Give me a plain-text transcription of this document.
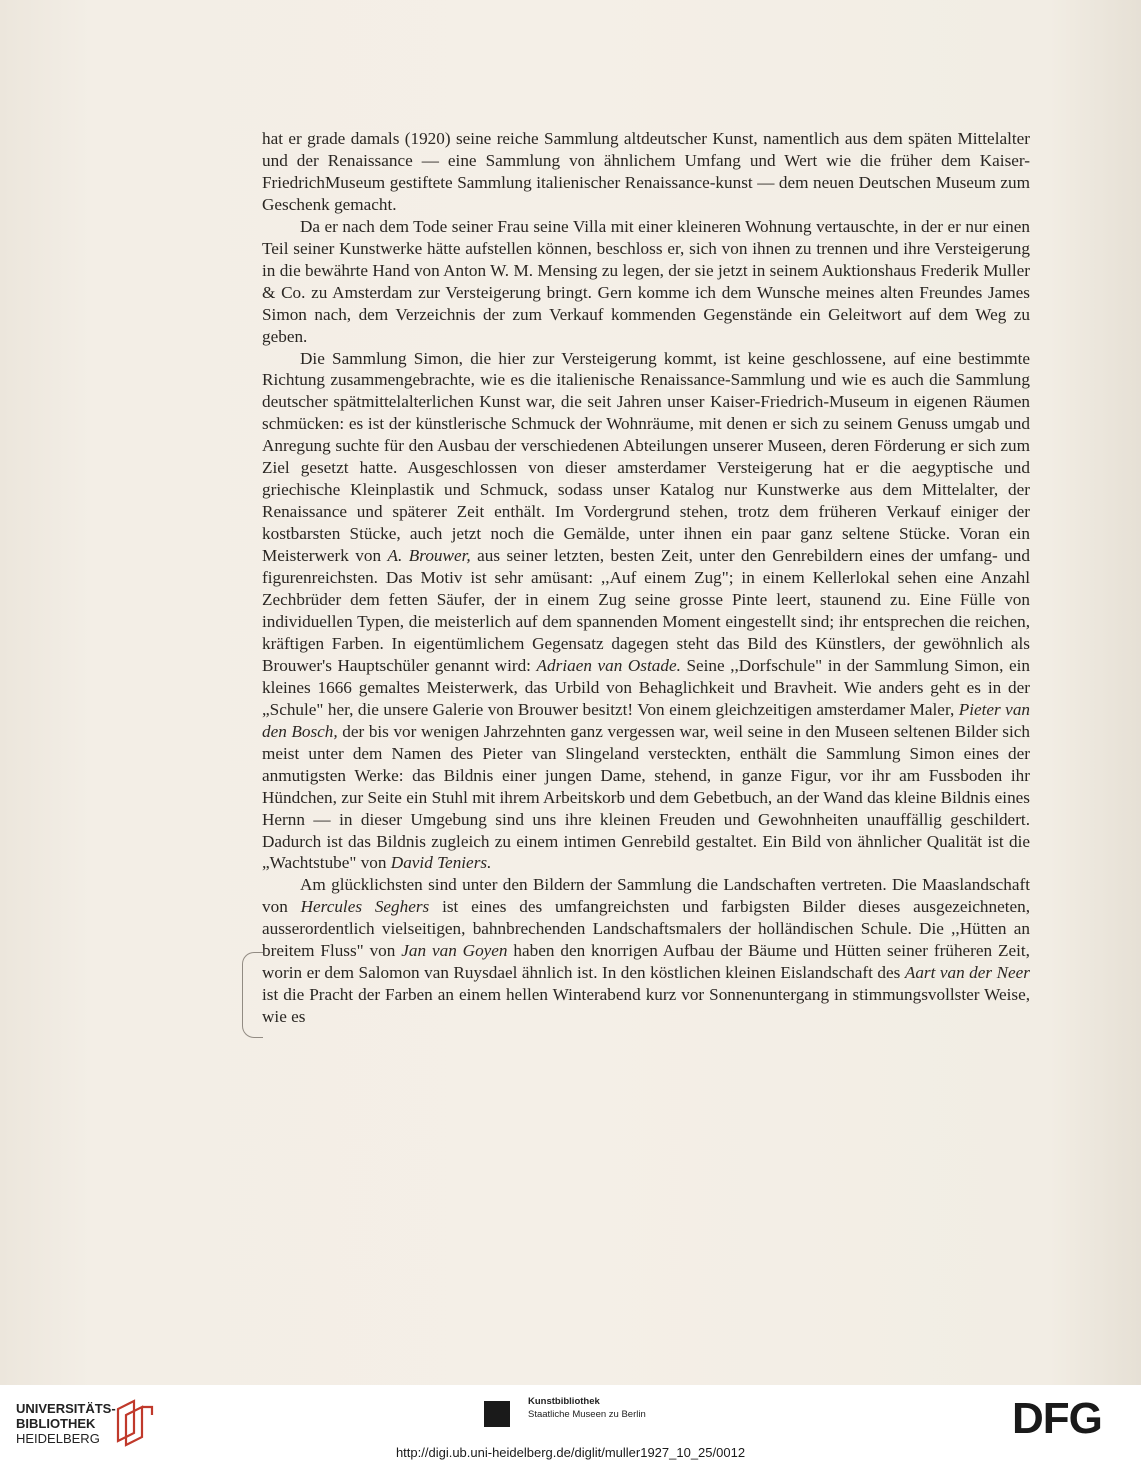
hat er grade damals (1920) seine reiche Sammlung altdeutscher Kunst, namentlich aus dem späten Mittelalter und der Renaissance — eine Sammlung von ähnlichem Umfang und Wert wie die früher dem Kaiser-FriedrichMuseum gestiftete Sammlung italienischer Renaissance-kunst — dem neuen Deutschen Museum zum Geschenk gemacht.

Da er nach dem Tode seiner Frau seine Villa mit einer kleineren Wohnung vertauschte, in der er nur einen Teil seiner Kunstwerke hätte aufstellen können, beschloss er, sich von ihnen zu trennen und ihre Versteigerung in die bewährte Hand von Anton W. M. Mensing zu legen, der sie jetzt in seinem Auktionshaus Frederik Muller & Co. zu Amsterdam zur Versteigerung bringt. Gern komme ich dem Wunsche meines alten Freundes James Simon nach, dem Verzeichnis der zum Verkauf kommenden Gegenstände ein Geleitwort auf dem Weg zu geben.

Die Sammlung Simon, die hier zur Versteigerung kommt, ist keine geschlossene, auf eine bestimmte Richtung zusammengebrachte, wie es die italienische Renaissance-Sammlung und wie es auch die Sammlung deutscher spätmittelalterlichen Kunst war, die seit Jahren unser Kaiser-Friedrich-Museum in eigenen Räumen schmücken: es ist der künstlerische Schmuck der Wohnräume, mit denen er sich zu seinem Genuss umgab und Anregung suchte für den Ausbau der verschiedenen Abteilungen unserer Museen, deren Förderung er sich zum Ziel gesetzt hatte. Ausgeschlossen von dieser amsterdamer Versteigerung hat er die aegyptische und griechische Kleinplastik und Schmuck, sodass unser Katalog nur Kunstwerke aus dem Mittelalter, der Renaissance und späterer Zeit enthält. Im Vordergrund stehen, trotz dem früheren Verkauf einiger der kostbarsten Stücke, auch jetzt noch die Gemälde, unter ihnen ein paar ganz seltene Stücke. Voran ein Meisterwerk von A. Brouwer, aus seiner letzten, besten Zeit, unter den Genrebildern eines der umfang- und figurenreichsten. Das Motiv ist sehr amüsant: ,,Auf einem Zug"; in einem Kellerlokal sehen eine Anzahl Zechbrüder dem fetten Säufer, der in einem Zug seine grosse Pinte leert, staunend zu. Eine Fülle von individuellen Typen, die meisterlich auf dem spannenden Moment eingestellt sind; ihr entsprechen die reichen, kräftigen Farben. In eigentümlichem Gegensatz dagegen steht das Bild des Künstlers, der gewöhnlich als Brouwer's Hauptschüler genannt wird: Adriaen van Ostade. Seine ,,Dorfschule" in der Sammlung Simon, ein kleines 1666 gemaltes Meisterwerk, das Urbild von Behaglichkeit und Bravheit. Wie anders geht es in der „Schule" her, die unsere Galerie von Brouwer besitzt! Von einem gleichzeitigen amsterdamer Maler, Pieter van den Bosch, der bis vor wenigen Jahrzehnten ganz vergessen war, weil seine in den Museen seltenen Bilder sich meist unter dem Namen des Pieter van Slingeland versteckten, enthält die Sammlung Simon eines der anmutigsten Werke: das Bildnis einer jungen Dame, stehend, in ganze Figur, vor ihr am Fussboden ihr Hündchen, zur Seite ein Stuhl mit ihrem Arbeitskorb und dem Gebetbuch, an der Wand das kleine Bildnis eines Hernn — in dieser Umgebung sind uns ihre kleinen Freuden und Gewohnheiten unauffällig geschildert. Dadurch ist das Bildnis zugleich zu einem intimen Genrebild gestaltet. Ein Bild von ähnlicher Qualität ist die „Wachtstube" von David Teniers.

Am glücklichsten sind unter den Bildern der Sammlung die Landschaften vertreten. Die Maaslandschaft von Hercules Seghers ist eines des umfangreichsten und farbigsten Bilder dieses ausgezeichneten, ausserordentlich vielseitigen, bahnbrechenden Landschaftsmalers der holländischen Schule. Die ,,Hütten an breitem Fluss" von Jan van Goyen haben den knorrigen Aufbau der Bäume und Hütten seiner früheren Zeit, worin er dem Salomon van Ruysdael ähnlich ist. In den köstlichen kleinen Eislandschaft des Aart van der Neer ist die Pracht der Farben an einem hellen Winterabend kurz vor Sonnenuntergang in stimmungsvollster Weise, wie es

UNIVERSITÄTS-
BIBLIOTHEK
HEIDELBERG
Kunstbibliothek
Staatliche Museen zu Berlin	DFG
http://digi.ub.uni-heidelberg.de/diglit/muller1927_10_25/0012
